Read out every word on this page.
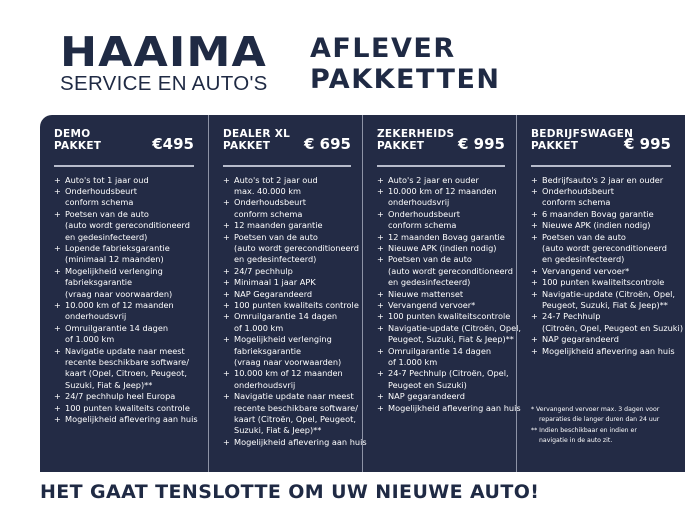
HAAIMA
SERVICE EN AUTO'S
AFLEVER
PAKKETTEN
DEMO
PAKKET	€495
+ Auto's tot 1 jaar oud
+ Onderhoudsbeurt
conform schema
+ Poetsen van de auto
(auto wordt gereconditioneerd
en gedesinfecteerd)
+ Lopende fabrieksgarantie
(minimaal 12 maanden)
+ Mogelijkheid verlenging
fabrieksgarantie
(vraag naar voorwaarden)
+ 10.000 km of 12 maanden
onderhoudsvrij
+ Omruilgarantie 14 dagen
of 1.000 km
+ Navigatie update naar meest
recente beschikbare software/
kaart (Opel, Citroen, Peugeot,
Suzuki, Fiat & Jeep)**
+ 24/7 pechhulp heel Europa
+ 100 punten kwaliteits controle
+ Mogelijkheid aflevering aan huis
DEALER XL
PAKKET	€ 695
+ Auto's tot 2 jaar oud
max. 40.000 km
+ Onderhoudsbeurt
conform schema
+ 12 maanden garantie
+ Poetsen van de auto
(auto wordt gereconditioneerd
en gedesinfecteerd)
+ 24/7 pechhulp
+ Minimaal 1 jaar APK
+ NAP Gegarandeerd
+ 100 punten kwaliteits controle
+ Omruilgarantie 14 dagen
of 1.000 km
+ Mogelijkheid verlenging
fabrieksgarantie
(vraag naar voorwaarden)
+ 10.000 km of 12 maanden
onderhoudsvrij
+ Navigatie update naar meest
recente beschikbare software/
kaart (Citroën, Opel, Peugeot,
Suzuki, Fiat & Jeep)**
+ Mogelijkheid aflevering aan huis
ZEKERHEIDS
PAKKET	€ 995
+ Auto's 2 jaar en ouder
+ 10.000 km of 12 maanden
onderhoudsvrij
+ Onderhoudsbeurt
conform schema
+ 12 maanden Bovag garantie
+ Nieuwe APK (indien nodig)
+ Poetsen van de auto
(auto wordt gereconditioneerd
en gedesinfecteerd)
+ Nieuwe mattenset
+ Vervangend vervoer*
+ 100 punten kwaliteitscontrole
+ Navigatie-update (Citroën, Opel,
Peugeot, Suzuki, Fiat & Jeep)**
+ Omruilgarantie 14 dagen
of 1.000 km
+ 24-7 Pechhulp (Citroën, Opel,
Peugeot en Suzuki)
+ NAP gegarandeerd
+ Mogelijkheid aflevering aan huis
BEDRIJFSWAGEN
PAKKET	€ 995
+ Bedrijfsauto's 2 jaar en ouder
+ Onderhoudsbeurt
conform schema
+ 6 maanden Bovag garantie
+ Nieuwe APK (indien nodig)
+ Poetsen van de auto
(auto wordt gereconditioneerd
en gedesinfecteerd)
+ Vervangend vervoer*
+ 100 punten kwaliteitscontrole
+ Navigatie-update (Citroën, Opel,
Peugeot, Suzuki, Fiat & Jeep)**
+ 24-7 Pechhulp
(Citroën, Opel, Peugeot en Suzuki)
+ NAP gegarandeerd
+ Mogelijkheid aflevering aan huis
* Vervangend vervoer max. 3 dagen voor
reparaties die langer duren dan 24 uur
** Indien beschikbaar en indien er
navigatie in de auto zit.
HET GAAT TENSLOTTE OM UW NIEUWE AUTO!
